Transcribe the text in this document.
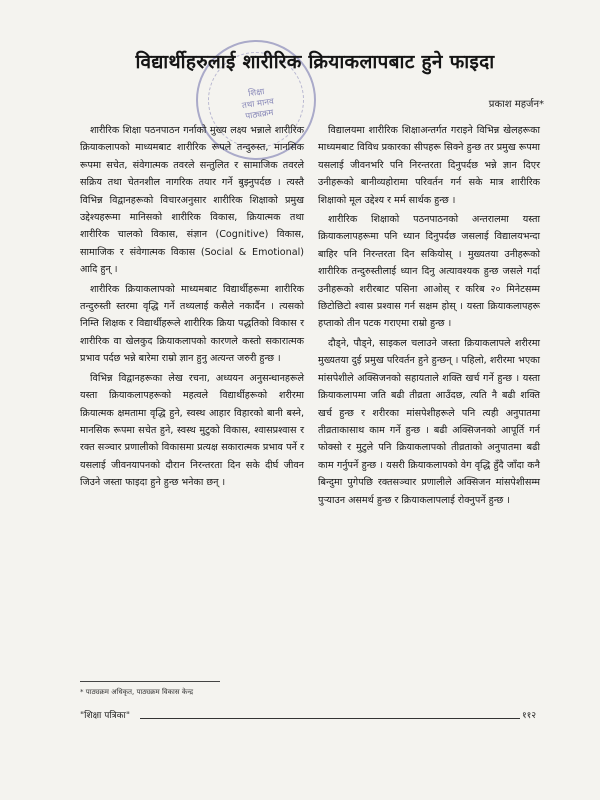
शिक्षा
तथा मानव
पाठ्यक्रम
विद्यार्थीहरुलाई शारीरिक क्रियाकलापबाट हुने फाइदा
प्रकाश महर्जन*

शारीरिक शिक्षा पठनपाठन गर्नाको मुख्य लक्ष्य भन्नाले शारीरिक क्रियाकलापको माध्यमबाट शारीरिक रूपले तन्दुरुस्त, मानसिक रूपमा सचेत, संवेगात्मक तवरले सन्तुलित र सामाजिक तवरले सक्रिय तथा चेतनशील नागरिक तयार गर्ने बुझ्नुपर्दछ । त्यस्तै विभिन्न विद्वानहरूको विचारअनुसार शारीरिक शिक्षाको प्रमुख उद्देश्यहरूमा मानिसको शारीरिक विकास, क्रियात्मक तथा शारीरिक चालको विकास, संज्ञान (Cognitive) विकास, सामाजिक र संवेगात्मक विकास (Social & Emotional) आदि हुन् ।

शारीरिक क्रियाकलापको माध्यमबाट विद्यार्थीहरूमा शारीरिक तन्दुरुस्ती स्तरमा वृद्धि गर्ने तथ्यलाई कसैले नकार्दैन । त्यसको निम्ति शिक्षक र विद्यार्थीहरूले शारीरिक क्रिया पद्धतिको विकास र शारीरिक वा खेलकुद क्रियाकलापको कारणले कस्तो सकारात्मक प्रभाव पर्दछ भन्ने बारेमा राम्रो ज्ञान हुनु अत्यन्त जरुरी हुन्छ ।

विभिन्न विद्वानहरूका लेख रचना, अध्ययन अनुसन्धानहरूले यस्ता क्रियाकलापहरूको महत्वले विद्यार्थीहरूको शरीरमा क्रियात्मक क्षमतामा वृद्धि हुने, स्वस्थ आहार विहारको बानी बस्ने, मानसिक रूपमा सचेत हुने, स्वस्थ मुटुको विकास, श्वासप्रश्वास र रक्त सञ्चार प्रणालीको विकासमा प्रत्यक्ष सकारात्मक प्रभाव पर्ने र यसलाई जीवनयापनको दौरान निरन्तरता दिन सके दीर्घ जीवन जिउने जस्ता फाइदा हुने हुन्छ भनेका छन् ।

विद्यालयमा शारीरिक शिक्षाअन्तर्गत गराइने विभिन्न खेलहरूका माध्यमबाट विविध प्रकारका सीपहरू सिक्ने हुन्छ तर प्रमुख रूपमा यसलाई जीवनभरि पनि निरन्तरता दिनुपर्दछ भन्ने ज्ञान दिएर उनीहरूको बानीव्यहोरामा परिवर्तन गर्न सके मात्र शारीरिक शिक्षाको मूल उद्देश्य र मर्म सार्थक हुन्छ ।

शारीरिक शिक्षाको पठनपाठनको अन्तरालमा यस्ता क्रियाकलापहरूमा पनि ध्यान दिनुपर्दछ जसलाई विद्यालयभन्दा बाहिर पनि निरन्तरता दिन सकियोस् । मुख्यतया उनीहरूको शारीरिक तन्दुरुस्तीलाई ध्यान दिनु अत्यावश्यक हुन्छ जसले गर्दा उनीहरूको शरीरबाट पसिना आओस् र करिब २० मिनेटसम्म छिटोछिटो श्वास प्रश्वास गर्न सक्षम होस् । यस्ता क्रियाकलापहरू हप्ताको तीन पटक गराएमा राम्रो हुन्छ ।

दौड्ने, पौड्ने, साइकल चलाउने जस्ता क्रियाकलापले शरीरमा मुख्यतया दुई प्रमुख परिवर्तन हुने हुन्छन् । पहिलो, शरीरमा भएका मांसपेशीले अक्सिजनको सहायताले शक्ति खर्च गर्ने हुन्छ । यस्ता क्रियाकलापमा जति बढी तीव्रता आउँदछ, त्यति नै बढी शक्ति खर्च हुन्छ र शरीरका मांसपेशीहरूले पनि त्यही अनुपातमा तीव्रताकासाथ काम गर्ने हुन्छ । बढी अक्सिजनको आपूर्ति गर्न फोक्सो र मुटुले पनि क्रियाकलापको तीव्रताको अनुपातमा बढी काम गर्नुपर्ने हुन्छ । यसरी क्रियाकलापको वेग वृद्धि हुँदै जाँदा कनै बिन्दुमा पुगेपछि रक्तसञ्चार प्रणालीले अक्सिजन मांसपेशीसम्म पुऱ्याउन असमर्थ हुन्छ र क्रियाकलापलाई रोक्नुपर्ने हुन्छ ।

* पाठ्यक्रम अधिकृत, पाठ्यक्रम विकास केन्द्र
"शिक्षा पत्रिका"	११२
